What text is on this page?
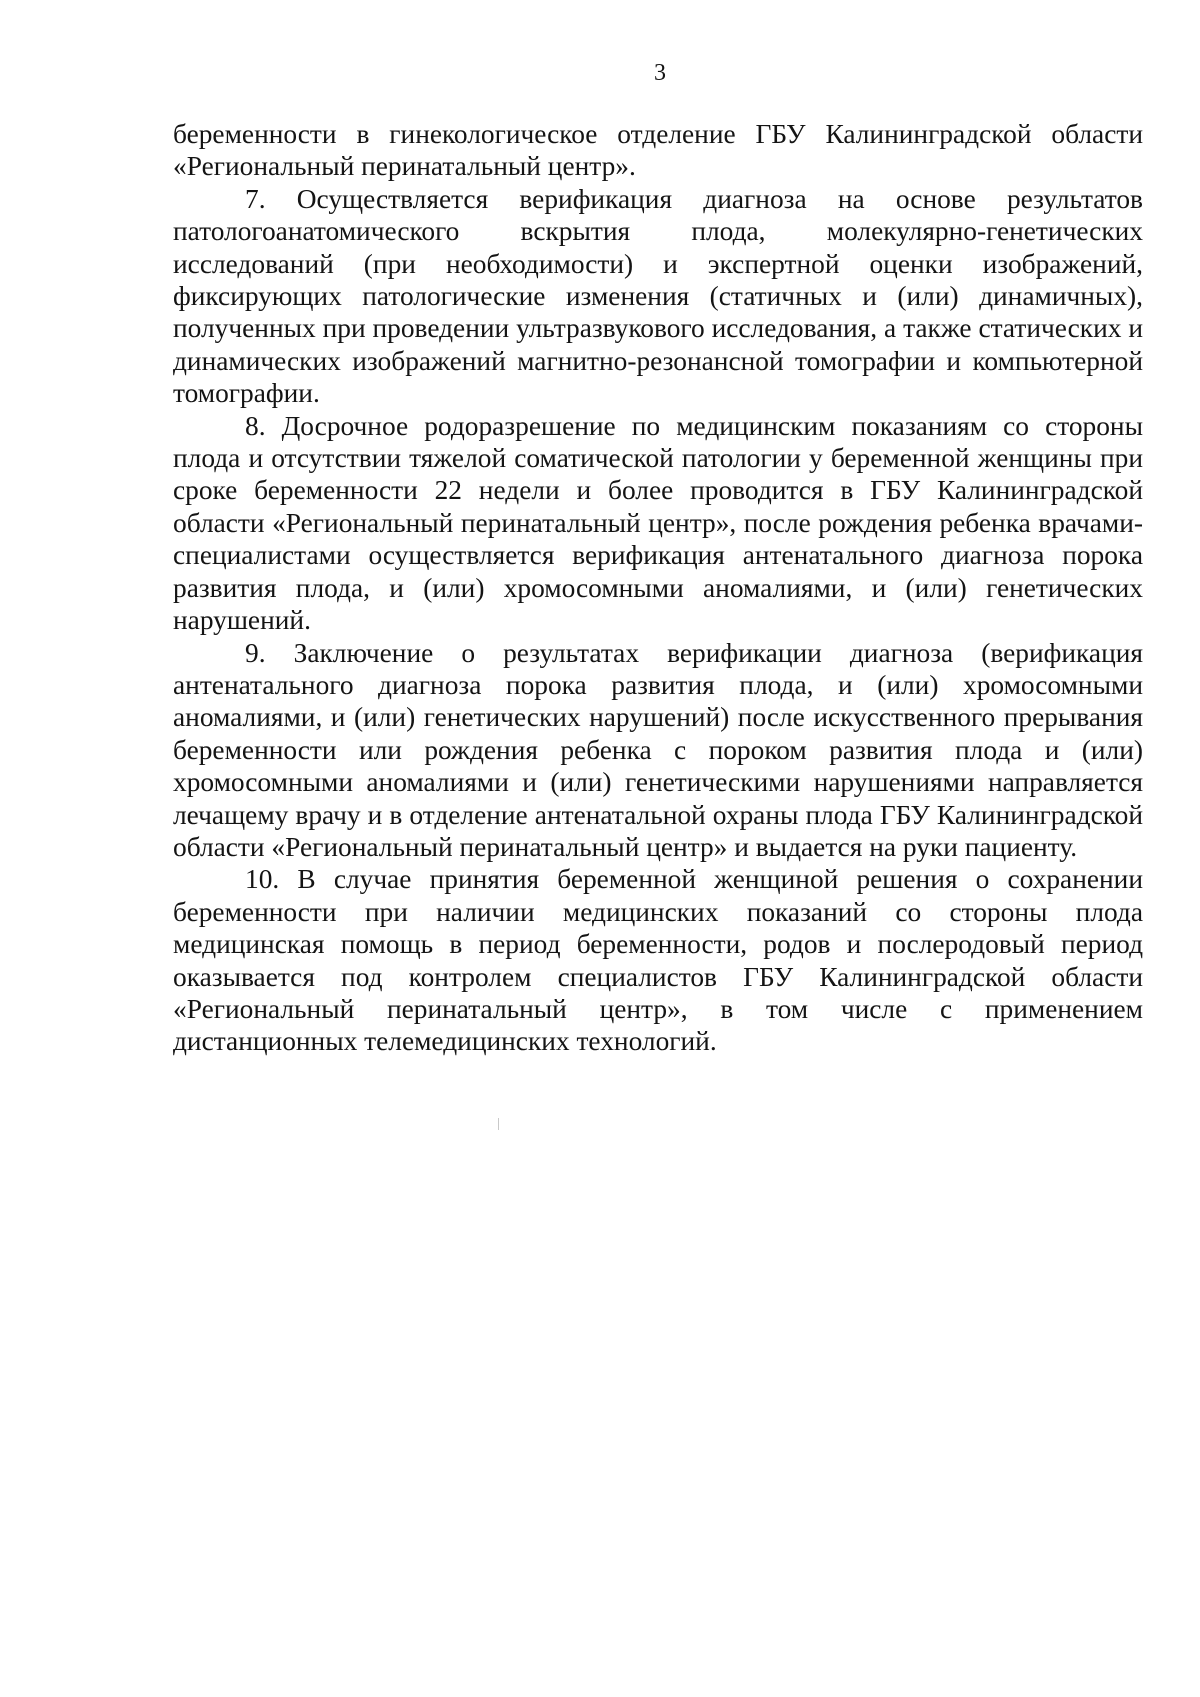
3

беременности в гинекологическое отделение ГБУ Калининградской области «Региональный перинатальный центр».

7. Осуществляется верификация диагноза на основе результатов патологоанатомического вскрытия плода, молекулярно-генетических исследований (при необходимости) и экспертной оценки изображений, фиксирующих патологические изменения (статичных и (или) динамичных), полученных при проведении ультразвукового исследования, а также статических и динамических изображений магнитно-резонансной томографии и компьютерной томографии.

8. Досрочное родоразрешение по медицинским показаниям со стороны плода и отсутствии тяжелой соматической патологии у беременной женщины при сроке беременности 22 недели и более проводится в ГБУ Калининградской области «Региональный перинатальный центр», после рождения ребенка врачами-специалистами осуществляется верификация антенатального диагноза порока развития плода, и (или) хромосомными аномалиями, и (или) генетических нарушений.

9. Заключение о результатах верификации диагноза (верификация антенатального диагноза порока развития плода, и (или) хромосомными аномалиями, и (или) генетических нарушений) после искусственного прерывания беременности или рождения ребенка с пороком развития плода и (или) хромосомными аномалиями и (или) генетическими нарушениями направляется лечащему врачу и в отделение антенатальной охраны плода ГБУ Калининградской области «Региональный перинатальный центр» и выдается на руки пациенту.

10. В случае принятия беременной женщиной решения о сохранении беременности при наличии медицинских показаний со стороны плода медицинская помощь в период беременности, родов и послеродовый период оказывается под контролем специалистов ГБУ Калининградской области «Региональный перинатальный центр», в том числе с применением дистанционных телемедицинских технологий.
